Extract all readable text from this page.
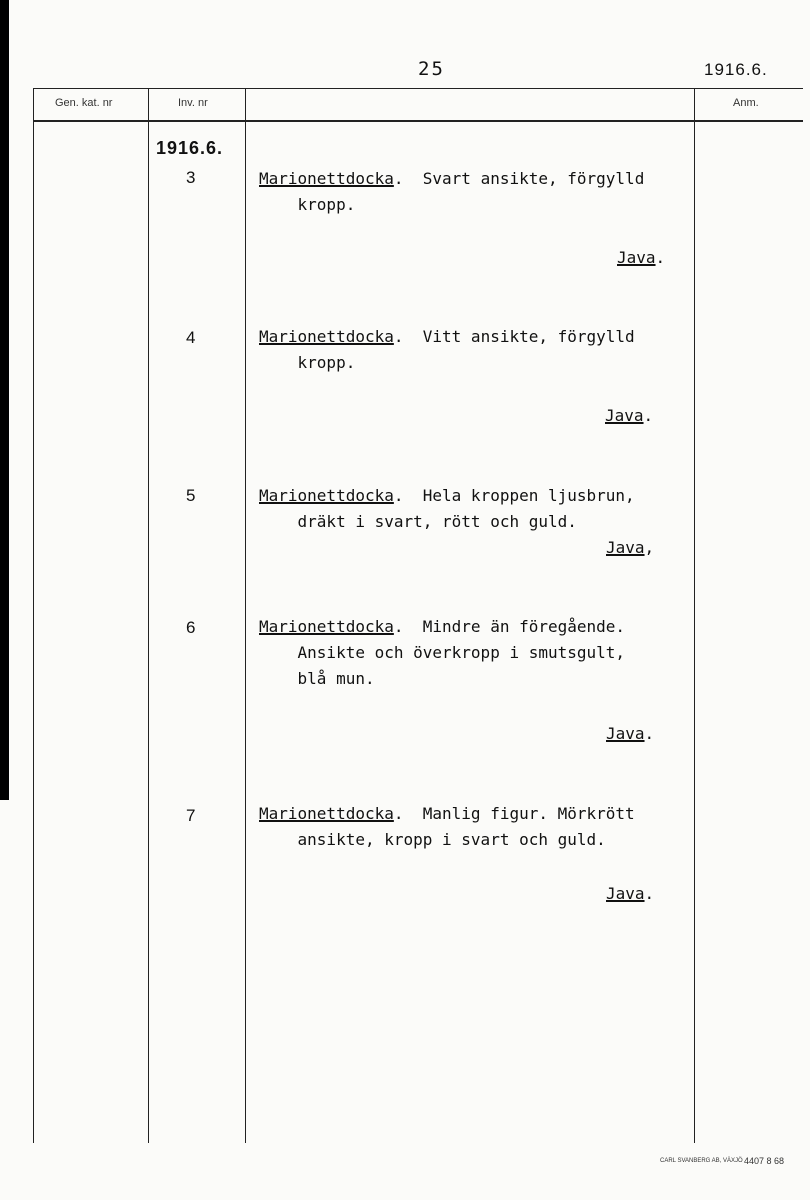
25	1916.6.
Gen. kat. nr	Inv. nr	Anm.
1916.6.
3	Marionettdocka.  Svart ansikte, förgylld
kropp.
Java.
4	Marionettdocka.  Vitt ansikte, förgylld
kropp.
Java.
5	Marionettdocka.  Hela kroppen ljusbrun,
dräkt i svart, rött och guld.
Java,
6	Marionettdocka.  Mindre än föregående.
Ansikte och överkropp i smutsgult,
blå mun.
Java.
7	Marionettdocka.  Manlig figur. Mörkrött
ansikte, kropp i svart och guld.
Java.
CARL SVANBERG AB, VÄXJÖ 4407 8 68
